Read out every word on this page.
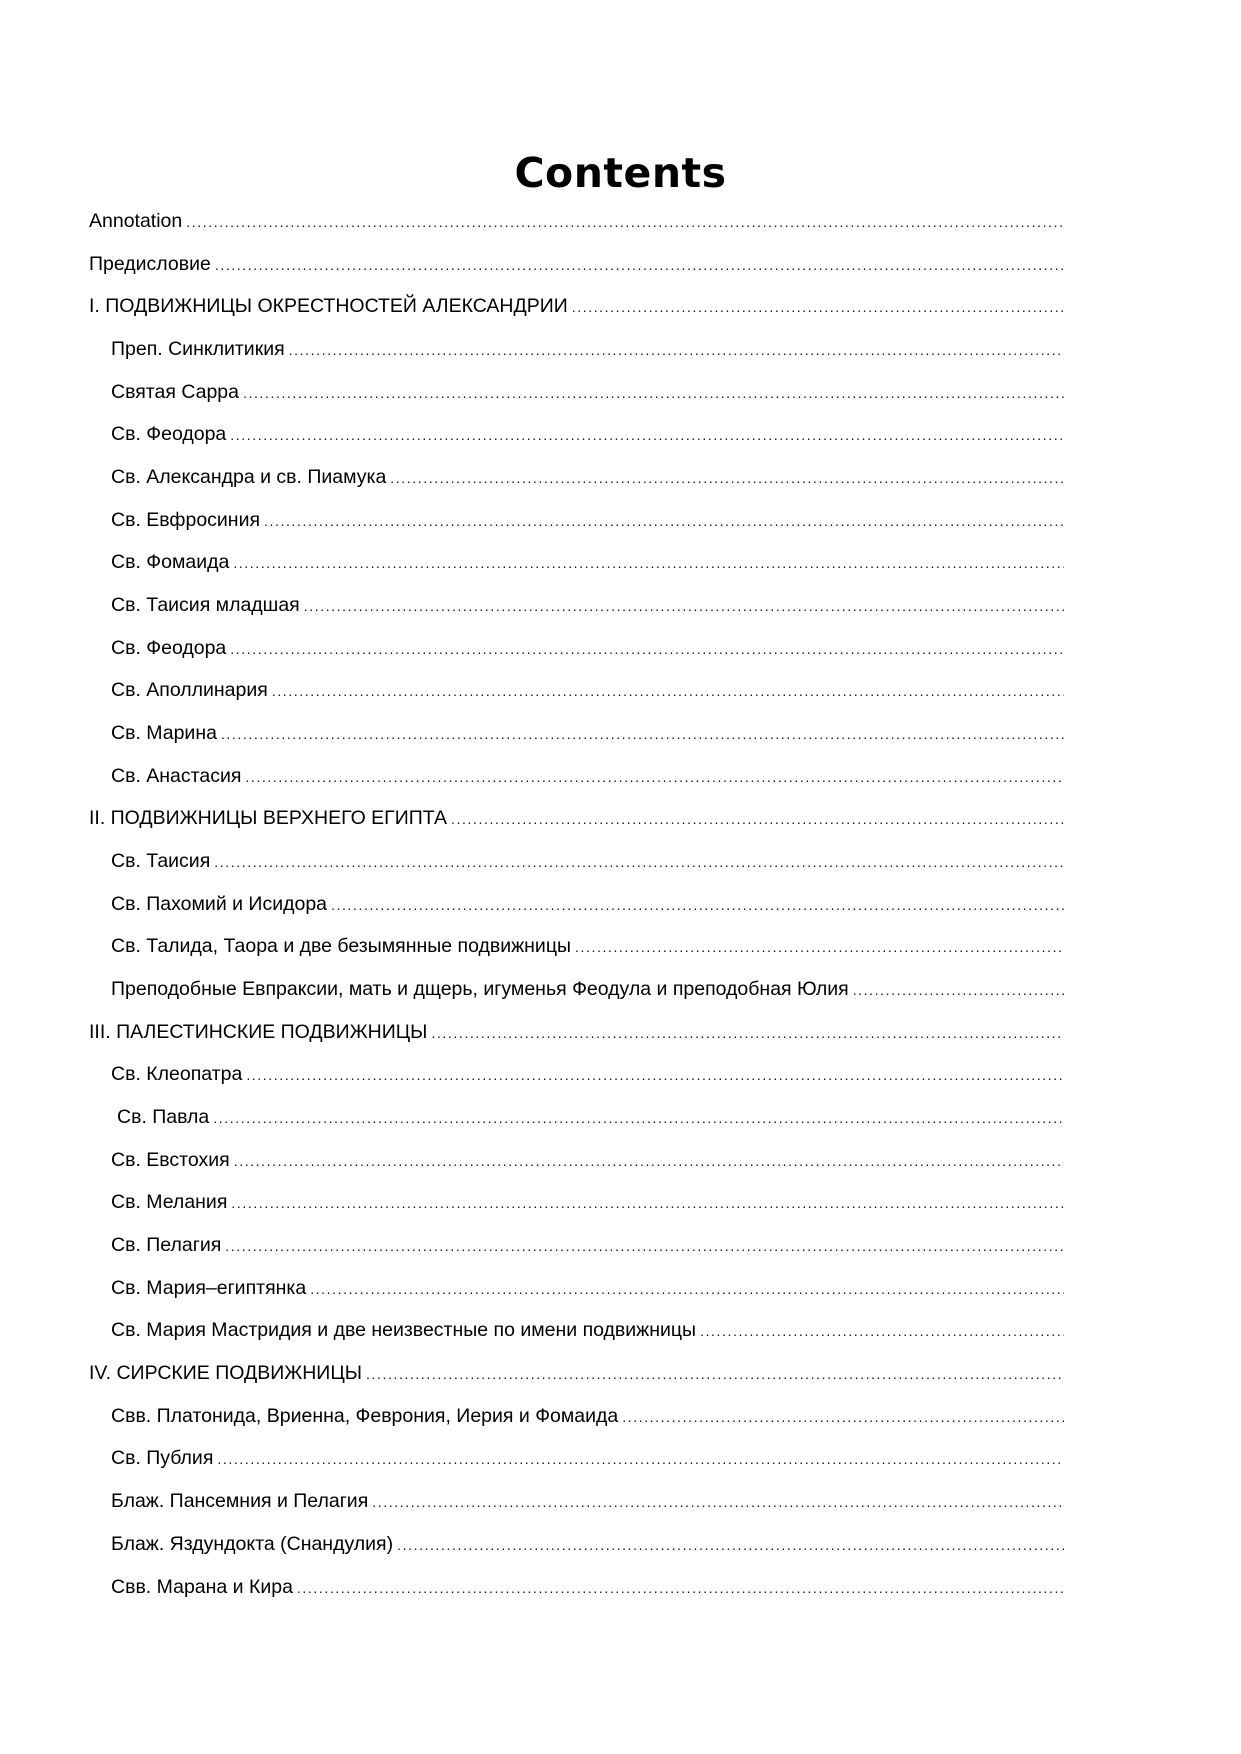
Contents
Annotation
.....
Предисловие
.....
I. ПОДВИЖНИЦЫ ОКРЕСТНОСТЕЙ АЛЕКСАНДРИИ
.....
Преп. Синклитикия
.....
Святая Сарра
.....
Св. Феодора
.....
Св. Александра и св. Пиамука
.....
Св. Евфросиния
.....
Св. Фомаида
.....
Св. Таисия младшая
.....
Св. Феодора
.....
Св. Аполлинария
.....
Св. Марина
.....
Св. Анастасия
.....
II. ПОДВИЖНИЦЫ ВЕРХНЕГО ЕГИПТА
.....
Св. Таисия
.....
Св. Пахомий и Исидора
.....
Св. Талида, Таора и две безымянные подвижницы
.....
Преподобные Евпраксии, мать и дщерь, игуменья Феодула и преподобная Юлия
.....
III. ПАЛЕСТИНСКИЕ ПОДВИЖНИЦЫ
.....
Св. Клеопатра
.....
Св. Павла
.....
Св. Евстохия
.....
Св. Мелания
.....
Св. Пелагия
.....
Св. Мария–египтянка
.....
Св. Мария Мастридия и две неизвестные по имени подвижницы
.....
IV. СИРСКИЕ ПОДВИЖНИЦЫ
.....
Свв. Платонида, Вриенна, Феврония, Иерия и Фомаида
.....
Св. Публия
.....
Блаж. Пансемния и Пелагия
.....
Блаж. Яздундокта (Снандулия)
.....
Свв. Марана и Кира
.....
